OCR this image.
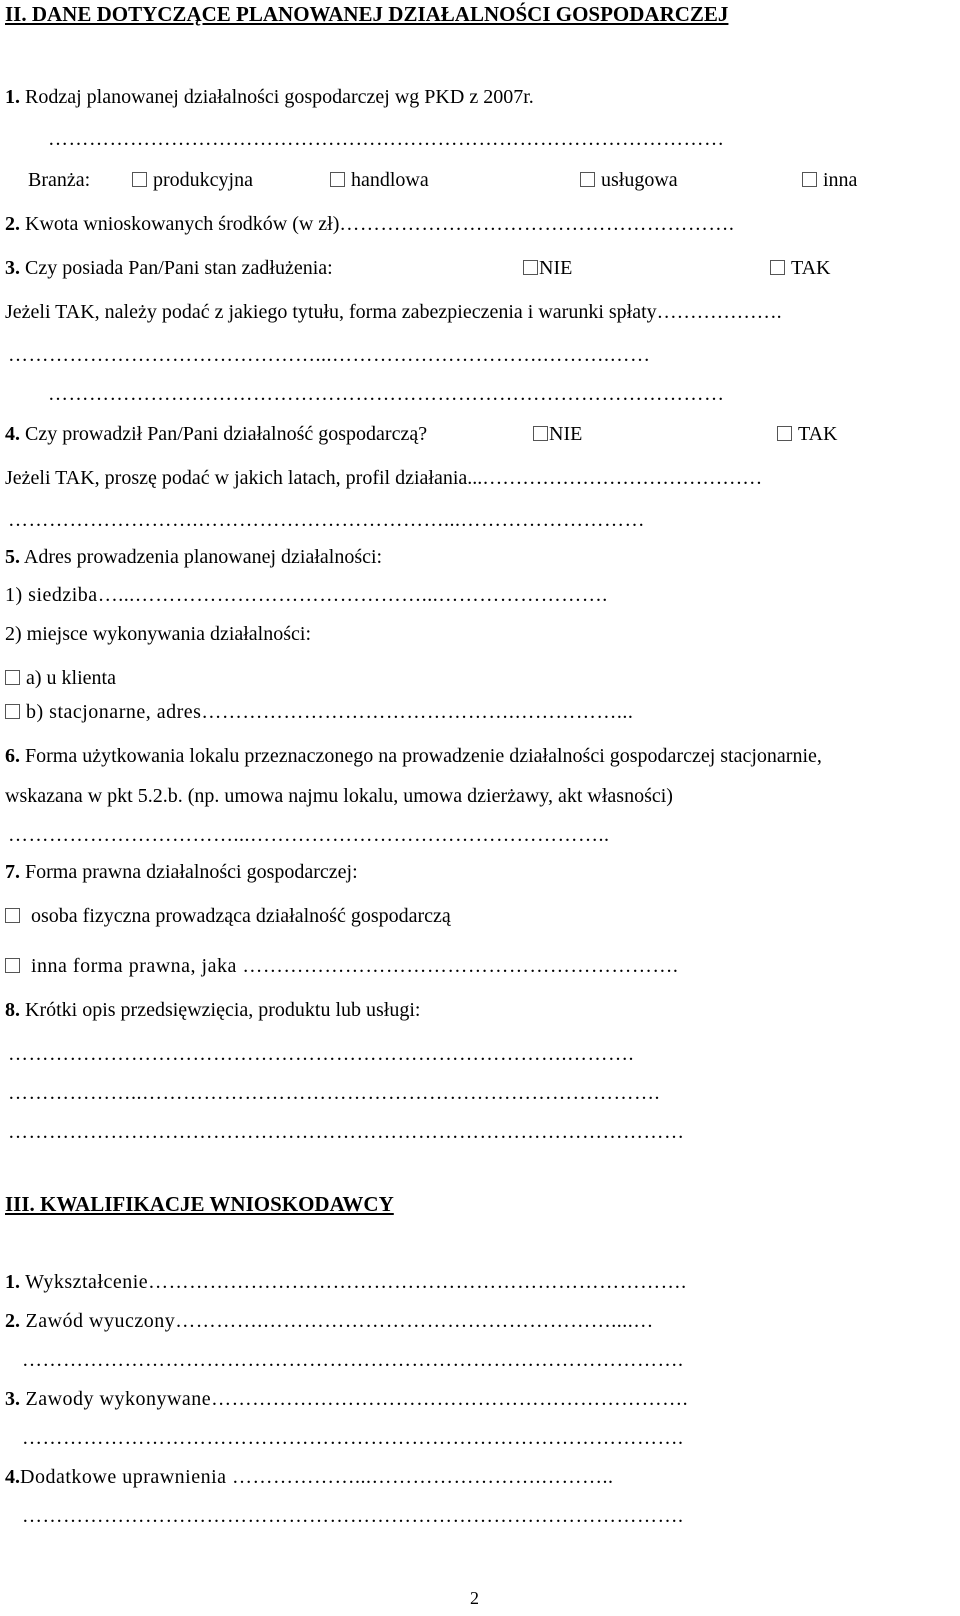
II. DANE DOTYCZĄCE PLANOWANEJ DZIAŁALNOŚCI GOSPODARCZEJ
1. Rodzaj planowanej działalności gospodarczej wg PKD z 2007r.
………………………………………………………………………………………
Branża:	produkcyjna	handlowa	usługowa	inna
2. Kwota wnioskowanych środków (w zł)………………………………………………….
3. Czy posiada Pan/Pani stan zadłużenia:	NIE	TAK
Jeżeli TAK, należy podać z jakiego tytułu, forma zabezpieczenia i warunki spłaty……………….
………………………………………...………………………….……….……
………………………………………………………………………………………
4. Czy prowadził Pan/Pani działalność gospodarczą?	NIE	TAK
Jeżeli TAK, proszę podać w jakich latach, profil działania...……………………………………
……………………….………………………………...………………………
5. Adres prowadzenia planowanej działalności:
1) siedziba…...……………………………………...…………………….
2) miejsce wykonywania działalności:
a) u klienta
b) stacjonarne, adres……………………………………….……………...
6. Forma użytkowania lokalu przeznaczonego na prowadzenie działalności gospodarczej stacjonarnie,
wskazana w pkt 5.2.b. (np. umowa najmu lokalu, umowa dzierżawy, akt własności)
……………………………...……………………………………………..
7. Forma prawna działalności gospodarczej:
osoba fizyczna prowadząca działalność gospodarczą
inna forma prawna, jaka ……………………………………………………….
8. Krótki opis przedsięwzięcia, produktu lub usługi:
……………………………………………………………………….……….
………………..………………………………………………………………….
………………………………………………………………………………………
III. KWALIFIKACJE WNIOSKODAWCY
1. Wykształcenie…………………………………………………………………….
2. Zawód wyuczony………….……………………………………………....…
…………………………………………………………………………………….
3. Zawody wykonywane…………………………………………………………….
…………………………………………………………………………………….
4.Dodatkowe uprawnienia ………………...…………………….………..
…………………………………………………………………………………….
2
